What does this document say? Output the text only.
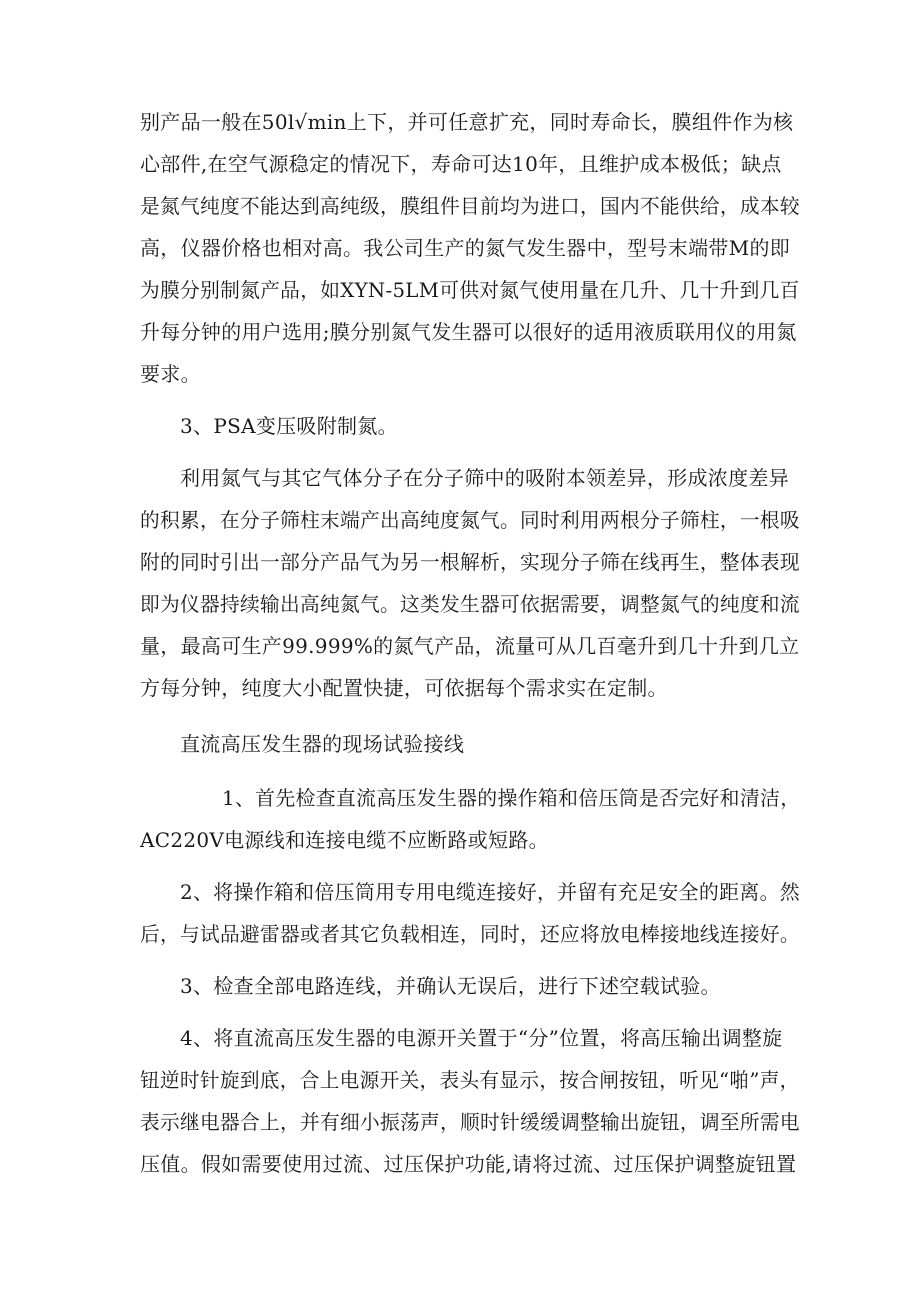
别产品一般在50l√min上下，并可任意扩充，同时寿命长，膜组件作为核
心部件,在空气源稳定的情况下，寿命可达10年，且维护成本极低；缺点
是氮气纯度不能达到高纯级，膜组件目前均为进口，国内不能供给，成本较
高，仪器价格也相对高。我公司生产的氮气发生器中，型号末端带M的即
为膜分别制氮产品，如XYN-5LM可供对氮气使用量在几升、几十升到几百
升每分钟的用户选用;膜分别氮气发生器可以很好的适用液质联用仪的用氮
要求。
3、PSA变压吸附制氮。
利用氮气与其它气体分子在分子筛中的吸附本领差异，形成浓度差异
的积累，在分子筛柱末端产出高纯度氮气。同时利用两根分子筛柱，一根吸
附的同时引出一部分产品气为另一根解析，实现分子筛在线再生，整体表现
即为仪器持续输出高纯氮气。这类发生器可依据需要，调整氮气的纯度和流
量，最高可生产99.999%的氮气产品，流量可从几百毫升到几十升到几立
方每分钟，纯度大小配置快捷，可依据每个需求实在定制。
直流高压发生器的现场试验接线
1、首先检查直流高压发生器的操作箱和倍压筒是否完好和清洁，
AC220V电源线和连接电缆不应断路或短路。
2、将操作箱和倍压筒用专用电缆连接好，并留有充足安全的距离。然
后，与试品避雷器或者其它负载相连，同时，还应将放电棒接地线连接好。
3、检查全部电路连线，并确认无误后，进行下述空载试验。
4、将直流高压发生器的电源开关置于“分”位置，将高压输出调整旋
钮逆时针旋到底，合上电源开关，表头有显示，按合闸按钮，听见“啪”声，
表示继电器合上，并有细小振荡声，顺时针缓缓调整输出旋钮，调至所需电
压值。假如需要使用过流、过压保护功能,请将过流、过压保护调整旋钮置
